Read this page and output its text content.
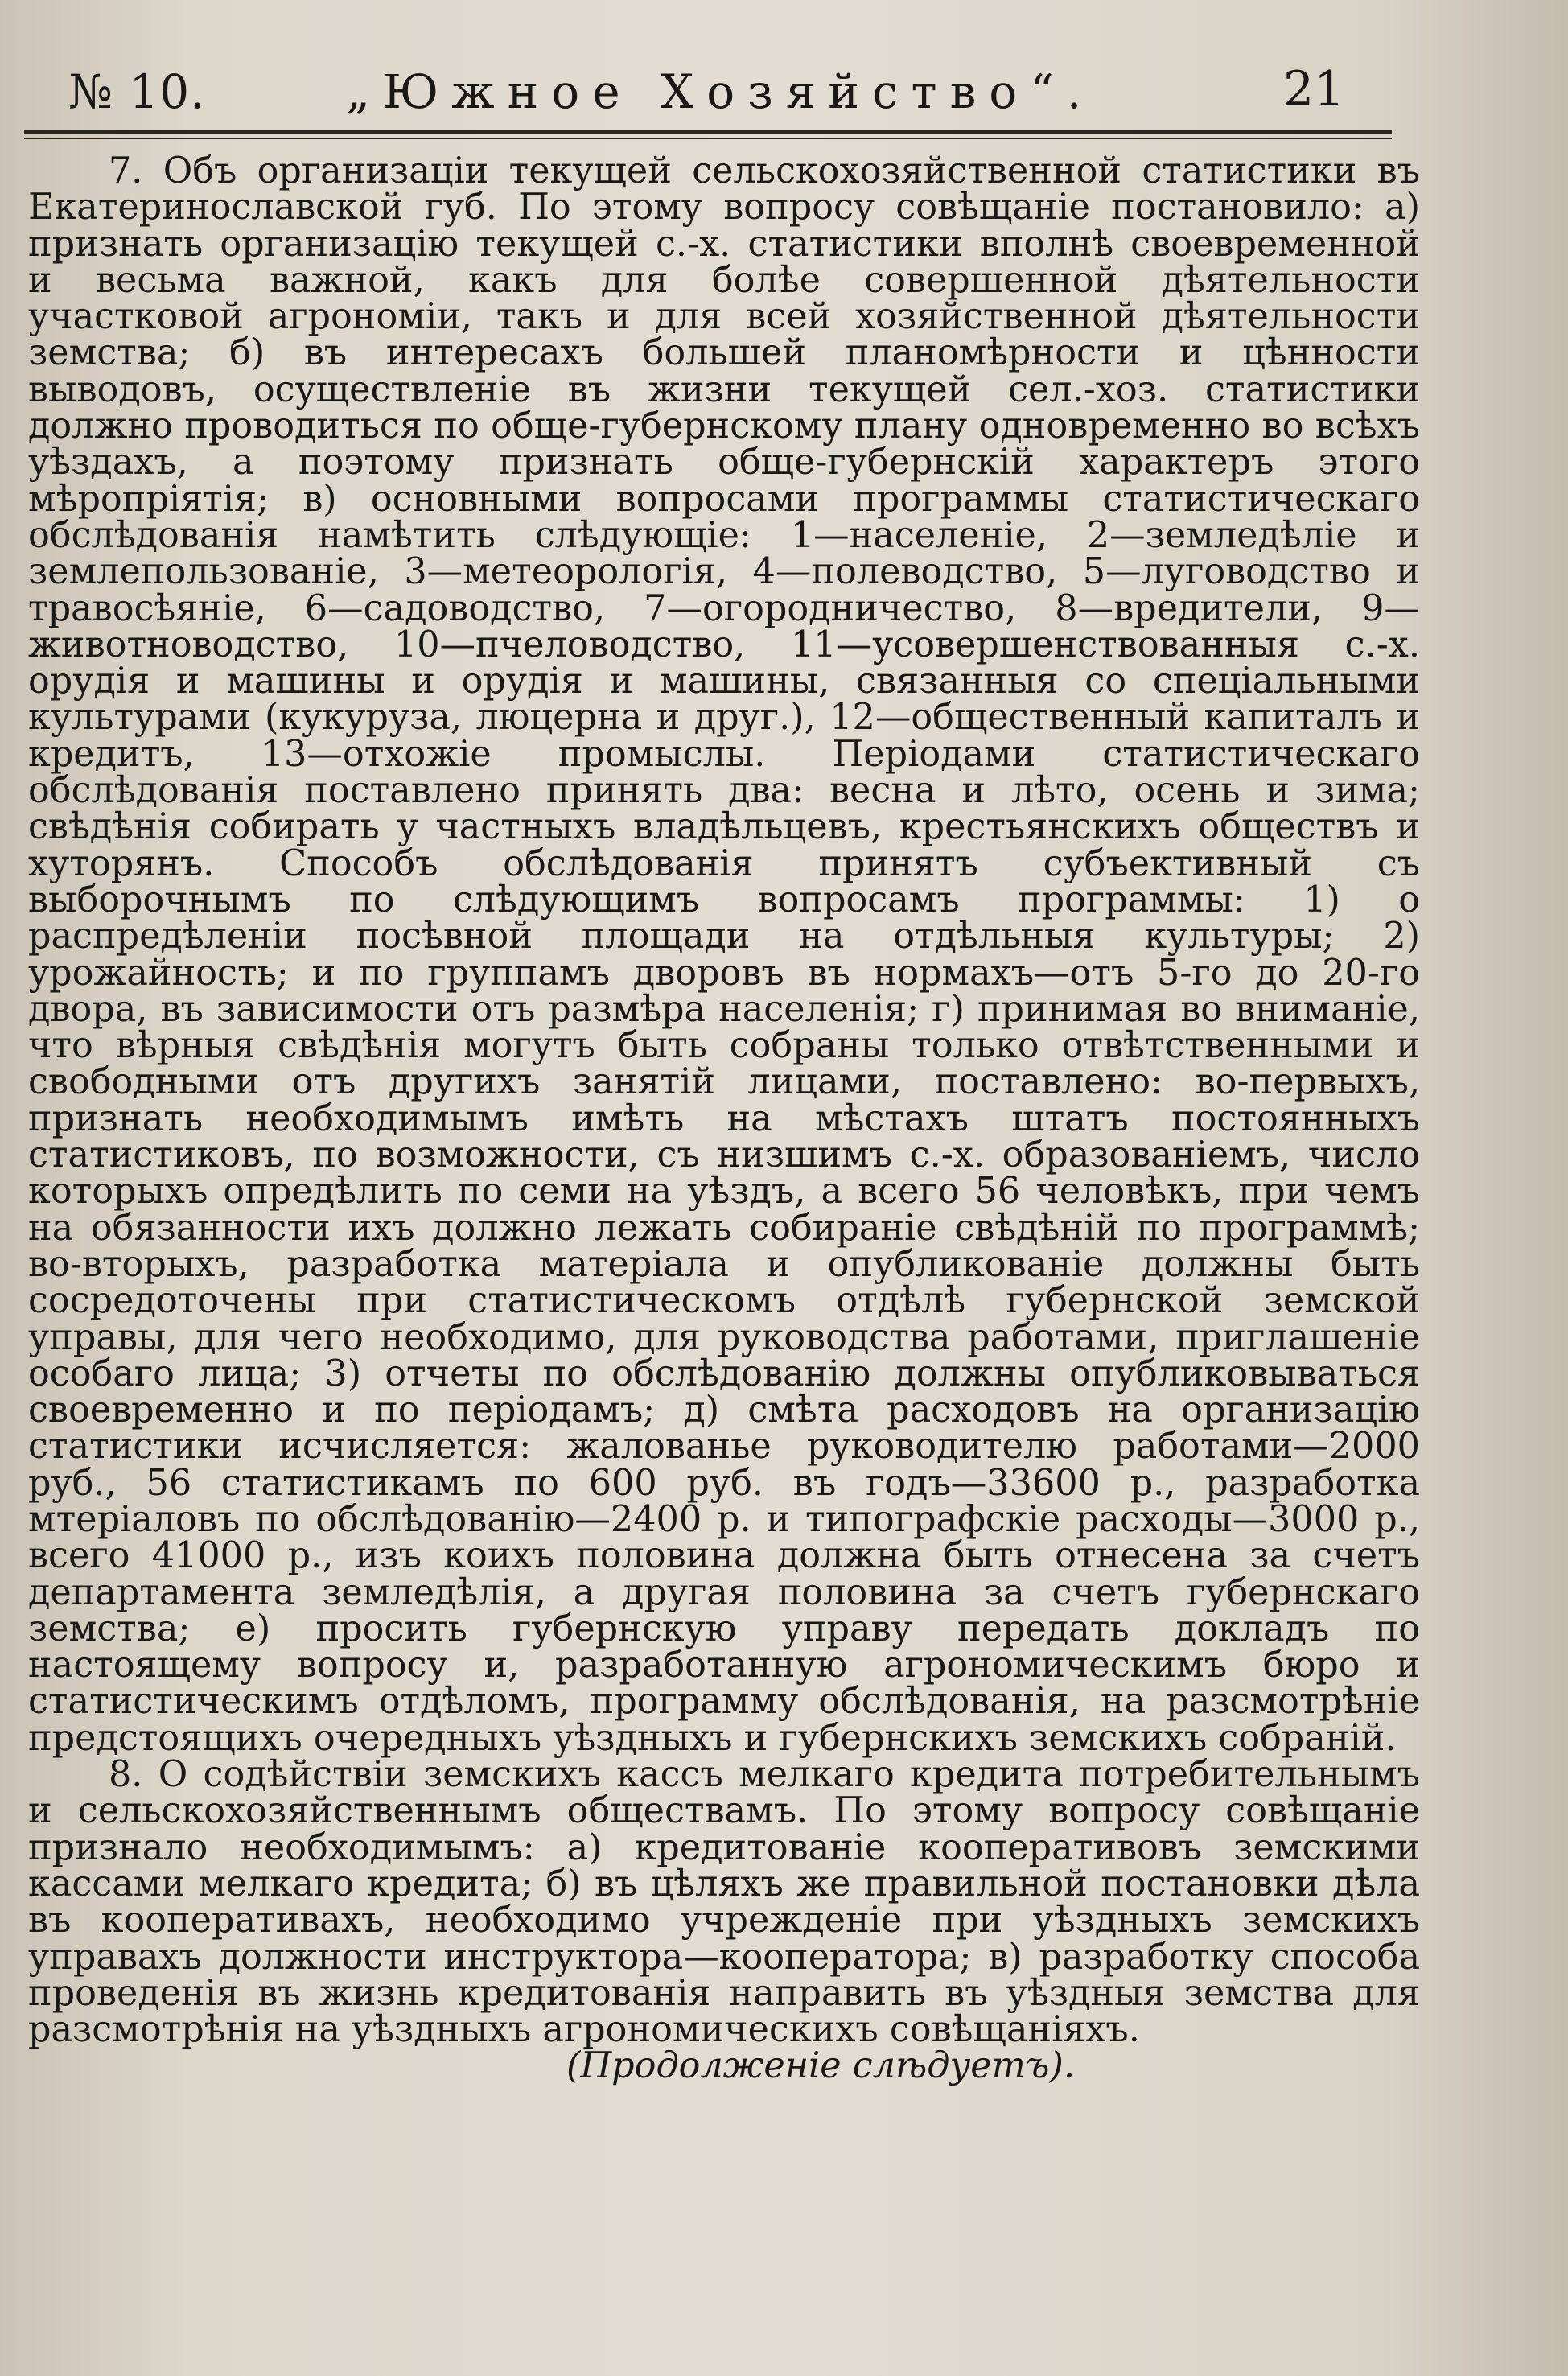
№ 10.	„Южное Хозяйство“.	21

7. Объ организаціи текущей сельскохозяйственной статистики въ Екатеринославской губ. По этому вопросу совѣщаніе постановило: а) признать организацію текущей с.-х. статистики вполнѣ своевременной и весьма важной, какъ для болѣе совершенной дѣятельности участковой агрономіи, такъ и для всей хозяйственной дѣятельности земства; б) въ интересахъ большей планомѣрности и цѣнности выводовъ, осуществленіе въ жизни текущей сел.-хоз. статистики должно проводиться по обще-губернскому плану одновременно во всѣхъ уѣздахъ, а поэтому признать обще-губернскій характеръ этого мѣропріятія; в) основными вопросами программы статистическаго обслѣдованія намѣтить слѣдующіе: 1—населеніе, 2—земледѣліе и землепользованіе, 3—метеорологія, 4—полеводство, 5—луговодство и травосѣяніе, 6—садоводство, 7—огородничество, 8—вредители, 9—животноводство, 10—пчеловодство, 11—усовершенствованныя с.-х. орудія и машины и орудія и машины, связанныя со спеціальными культурами (кукуруза, люцерна и друг.), 12—общественный капиталъ и кредитъ, 13—отхожіе промыслы. Періодами статистическаго обслѣдованія поставлено принять два: весна и лѣто, осень и зима; свѣдѣнія собирать у частныхъ владѣльцевъ, крестьянскихъ обществъ и хуторянъ. Способъ обслѣдованія принятъ субъективный съ выборочнымъ по слѣдующимъ вопросамъ программы: 1) о распредѣленіи посѣвной площади на отдѣльныя культуры; 2) урожайность; и по группамъ дворовъ въ нормахъ—отъ 5-го до 20-го двора, въ зависимости отъ размѣра населенія; г) принимая во вниманіе, что вѣрныя свѣдѣнія могутъ быть собраны только отвѣтственными и свободными отъ другихъ занятій лицами, поставлено: во-первыхъ, признать необходимымъ имѣть на мѣстахъ штатъ постоянныхъ статистиковъ, по возможности, съ низшимъ с.-х. образованіемъ, число которыхъ опредѣлить по семи на уѣздъ, а всего 56 человѣкъ, при чемъ на обязанности ихъ должно лежать собираніе свѣдѣній по программѣ; во-вторыхъ, разработка матеріала и опубликованіе должны быть сосредоточены при статистическомъ отдѣлѣ губернской земской управы, для чего необходимо, для руководства работами, приглашеніе особаго лица; 3) отчеты по обслѣдованію должны опубликовываться своевременно и по періодамъ; д) смѣта расходовъ на организацію статистики исчисляется: жалованье руководителю работами—2000 руб., 56 статистикамъ по 600 руб. въ годъ—33600 р., разработка мтеріаловъ по обслѣдованію—2400 р. и типографскіе расходы—3000 р., всего 41000 р., изъ коихъ половина должна быть отнесена за счетъ департамента земледѣлія, а другая половина за счетъ губернскаго земства; е) просить губернскую управу передать докладъ по настоящему вопросу и, разработанную агрономическимъ бюро и статистическимъ отдѣломъ, программу обслѣдованія, на разсмотрѣніе предстоящихъ очередныхъ уѣздныхъ и губернскихъ земскихъ собраній.

8. О содѣйствіи земскихъ кассъ мелкаго кредита потребительнымъ и сельскохозяйственнымъ обществамъ. По этому вопросу совѣщаніе признало необходимымъ: а) кредитованіе кооперативовъ земскими кассами мелкаго кредита; б) въ цѣляхъ же правильной постановки дѣла въ кооперативахъ, необходимо учрежденіе при уѣздныхъ земскихъ управахъ должности инструктора—кооператора; в) разработку способа проведенія въ жизнь кредитованія направить въ уѣздныя земства для разсмотрѣнія на уѣздныхъ агрономическихъ совѣщаніяхъ.

(Продолженіе слѣдуетъ).
